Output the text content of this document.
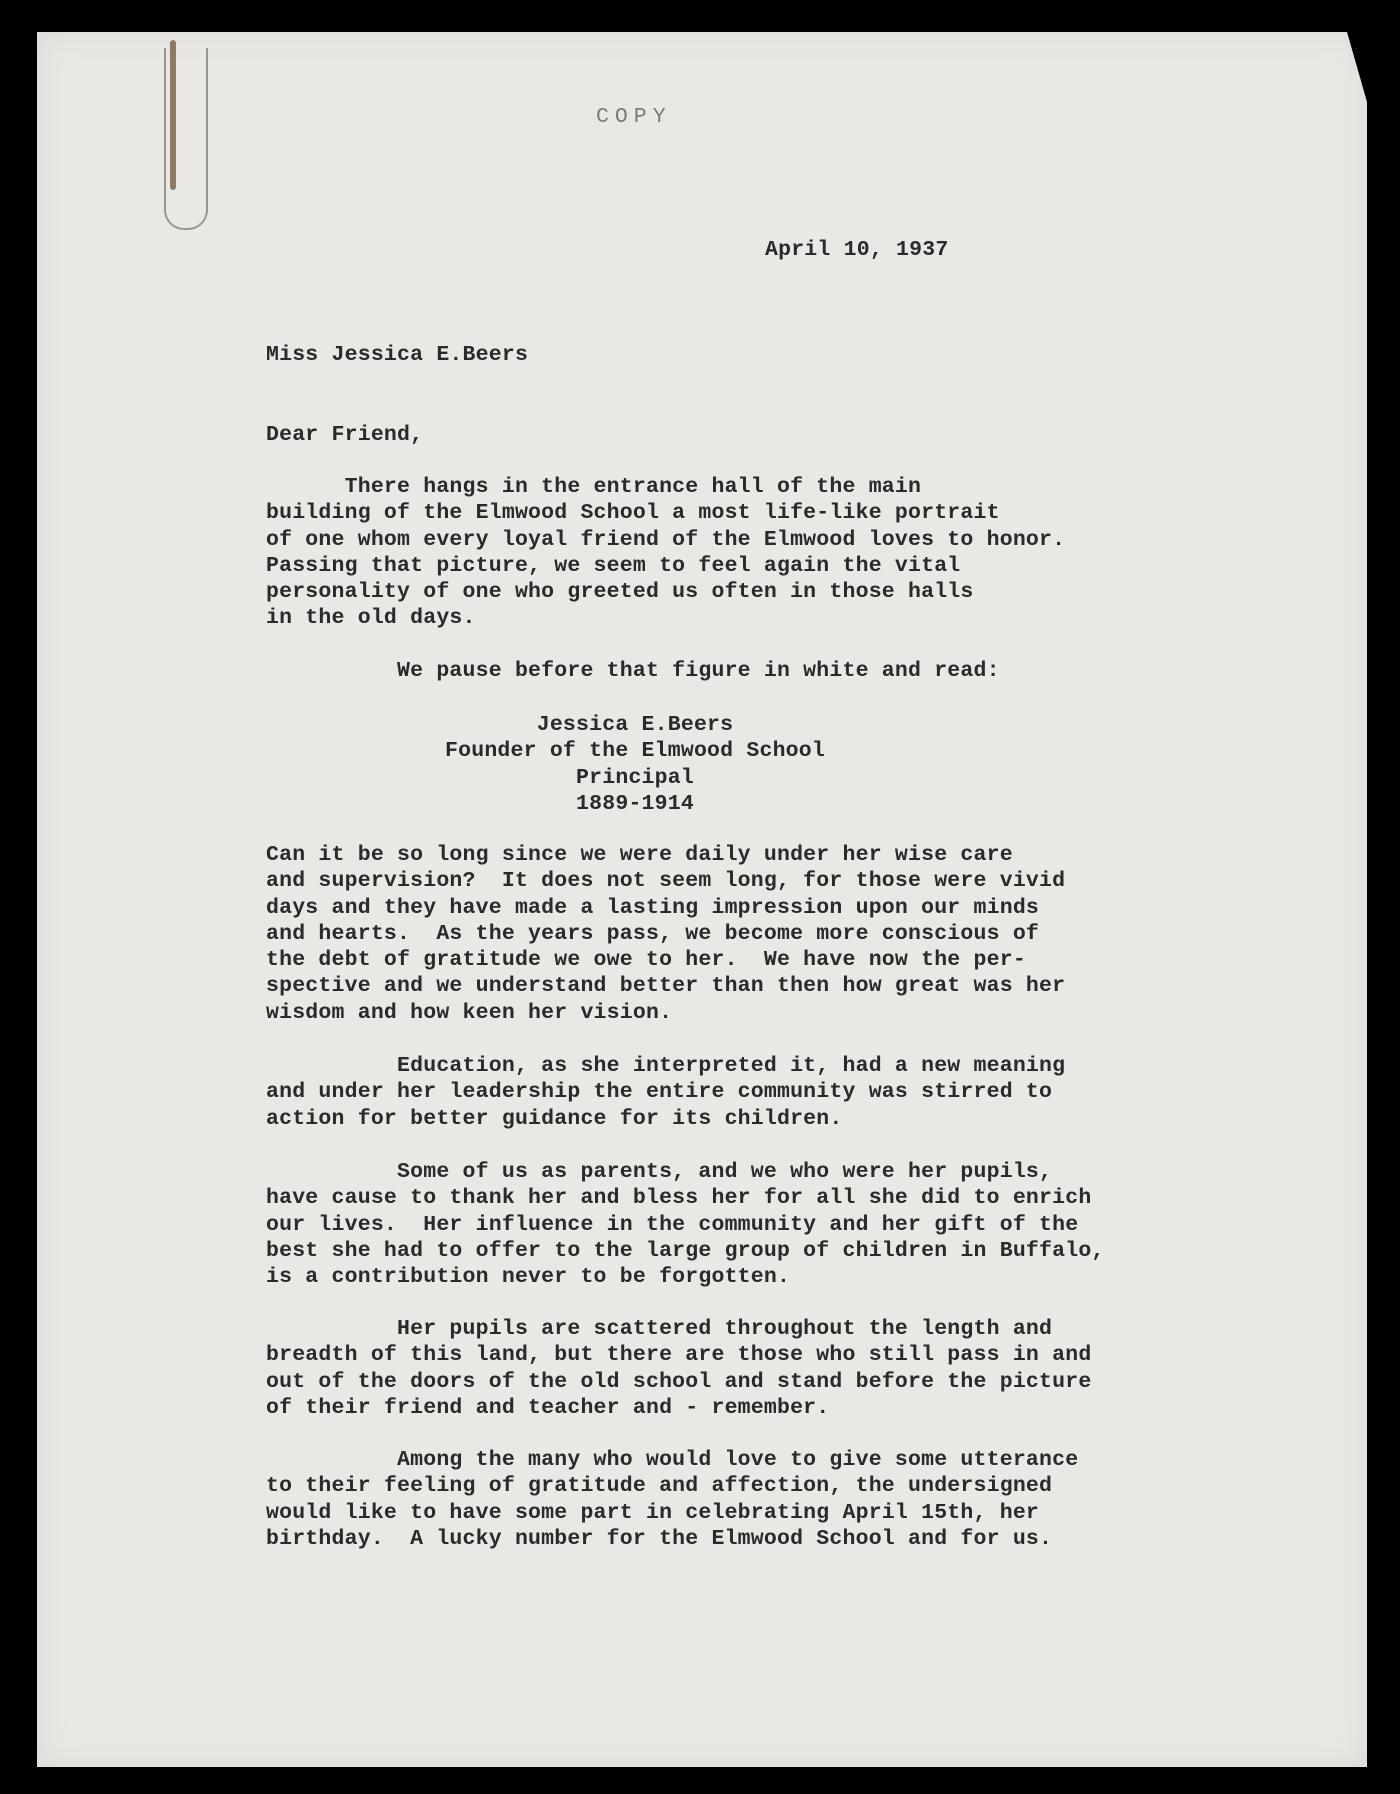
COPY
April 10, 1937
Miss Jessica E.Beers
Dear Friend,
There hangs in the entrance hall of the main
building of the Elmwood School a most life-like portrait
of one whom every loyal friend of the Elmwood loves to honor.
Passing that picture, we seem to feel again the vital
personality of one who greeted us often in those halls
in the old days.
We pause before that figure in white and read:
Jessica E.Beers
Founder of the Elmwood School
Principal
1889-1914
Can it be so long since we were daily under her wise care
and supervision?  It does not seem long, for those were vivid
days and they have made a lasting impression upon our minds
and hearts.  As the years pass, we become more conscious of
the debt of gratitude we owe to her.  We have now the per-
spective and we understand better than then how great was her
wisdom and how keen her vision.
Education, as she interpreted it, had a new meaning
and under her leadership the entire community was stirred to
action for better guidance for its children.
Some of us as parents, and we who were her pupils,
have cause to thank her and bless her for all she did to enrich
our lives.  Her influence in the community and her gift of the
best she had to offer to the large group of children in Buffalo,
is a contribution never to be forgotten.
Her pupils are scattered throughout the length and
breadth of this land, but there are those who still pass in and
out of the doors of the old school and stand before the picture
of their friend and teacher and - remember.
Among the many who would love to give some utterance
to their feeling of gratitude and affection, the undersigned
would like to have some part in celebrating April 15th, her
birthday.  A lucky number for the Elmwood School and for us.
